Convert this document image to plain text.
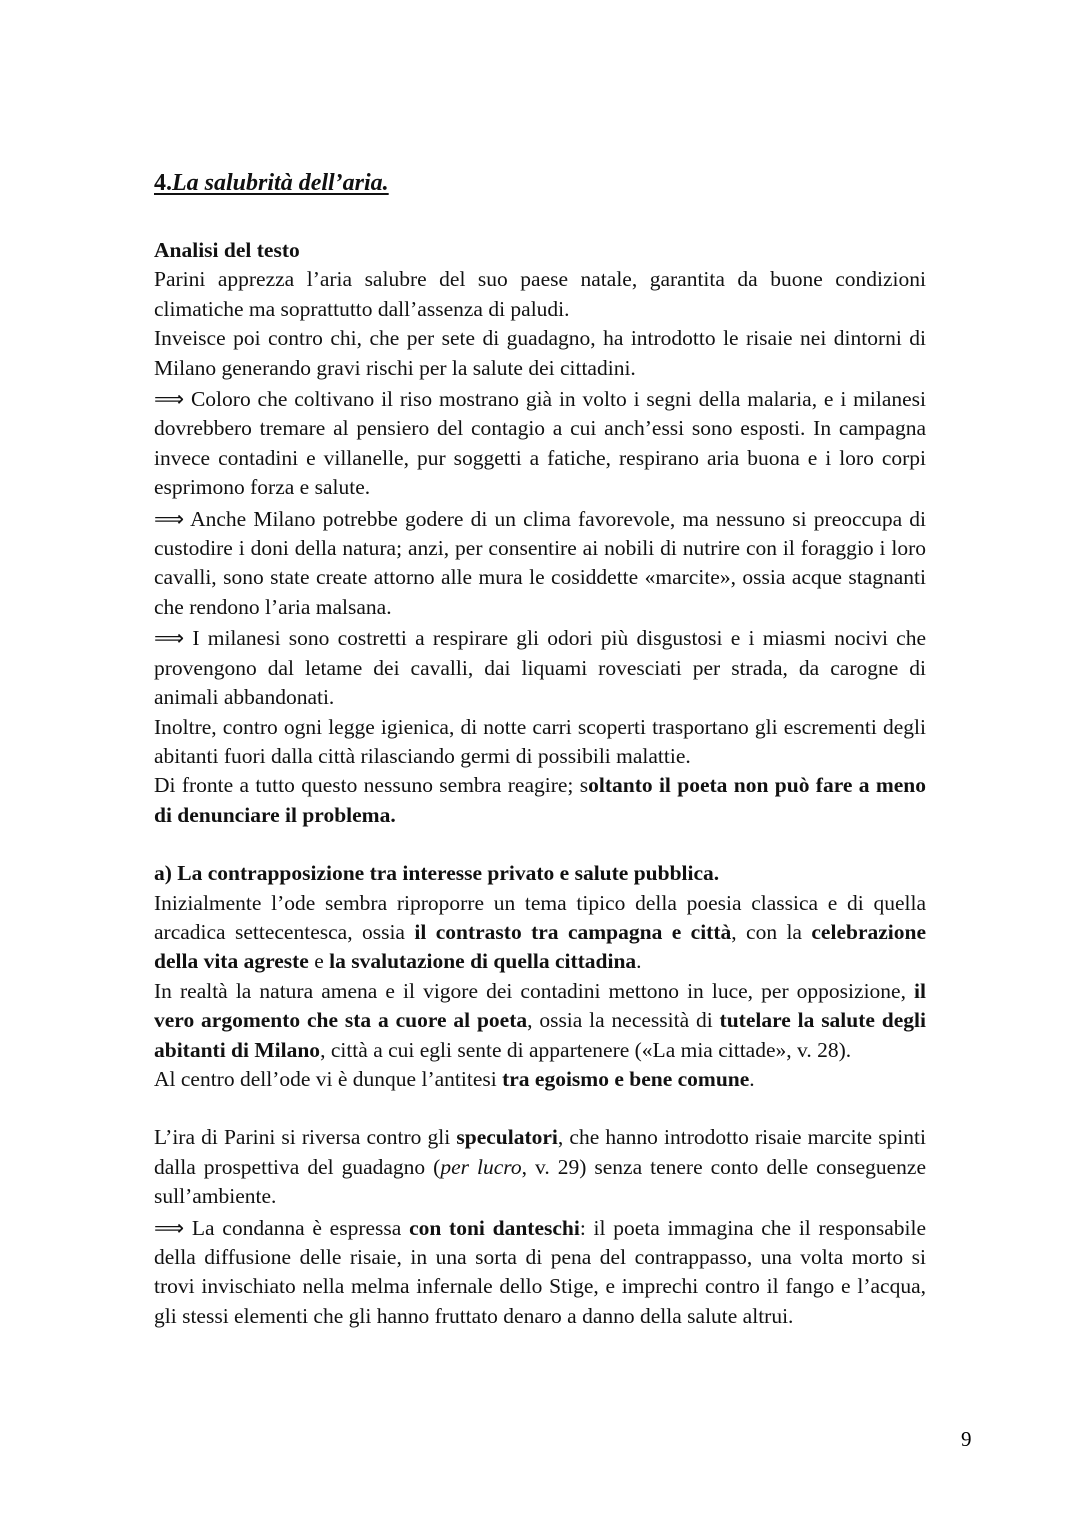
4.La salubrità dell’aria.
Analisi del testo

Parini apprezza l’aria salubre del suo paese natale, garantita da buone condizioni climatiche ma soprattutto dall’assenza di paludi.

Inveisce poi contro chi, che per sete di guadagno, ha introdotto le risaie nei dintorni di Milano generando gravi rischi per la salute dei cittadini.

⟹ Coloro che coltivano il riso mostrano già in volto i segni della malaria, e i milanesi dovrebbero tremare al pensiero del contagio a cui anch’essi sono esposti. In campagna invece contadini e villanelle, pur soggetti a fatiche, respirano aria buona e i loro corpi esprimono forza e salute.

⟹ Anche Milano potrebbe godere di un clima favorevole, ma nessuno si preoccupa di custodire i doni della natura; anzi, per consentire ai nobili di nutrire con il foraggio i loro cavalli, sono state create attorno alle mura le cosiddette «marcite», ossia acque stagnanti che rendono l’aria malsana.

⟹ I milanesi sono costretti a respirare gli odori più disgustosi e i miasmi nocivi che provengono dal letame dei cavalli, dai liquami rovesciati per strada, da carogne di animali abbandonati.

Inoltre, contro ogni legge igienica, di notte carri scoperti trasportano gli escrementi degli abitanti fuori dalla città rilasciando germi di possibili malattie.

Di fronte a tutto questo nessuno sembra reagire; soltanto il poeta non può fare a meno di denunciare il problema.

a) La contrapposizione tra interesse privato e salute pubblica.

Inizialmente l’ode sembra riproporre un tema tipico della poesia classica e di quella arcadica settecentesca, ossia il contrasto tra campagna e città, con la celebrazione della vita agreste e la svalutazione di quella cittadina.

In realtà la natura amena e il vigore dei contadini mettono in luce, per opposizione, il vero argomento che sta a cuore al poeta, ossia la necessità di tutelare la salute degli abitanti di Milano, città a cui egli sente di appartenere («La mia cittade», v. 28).

Al centro dell’ode vi è dunque l’antitesi tra egoismo e bene comune.

L’ira di Parini si riversa contro gli speculatori, che hanno introdotto risaie marcite spinti dalla prospettiva del guadagno (per lucro, v. 29) senza tenere conto delle conseguenze sull’ambiente.

⟹ La condanna è espressa con toni danteschi: il poeta immagina che il responsabile della diffusione delle risaie, in una sorta di pena del contrappasso, una volta morto si trovi invischiato nella melma infernale dello Stige, e imprechi contro il fango e l’acqua, gli stessi elementi che gli hanno fruttato denaro a danno della salute altrui.

9
